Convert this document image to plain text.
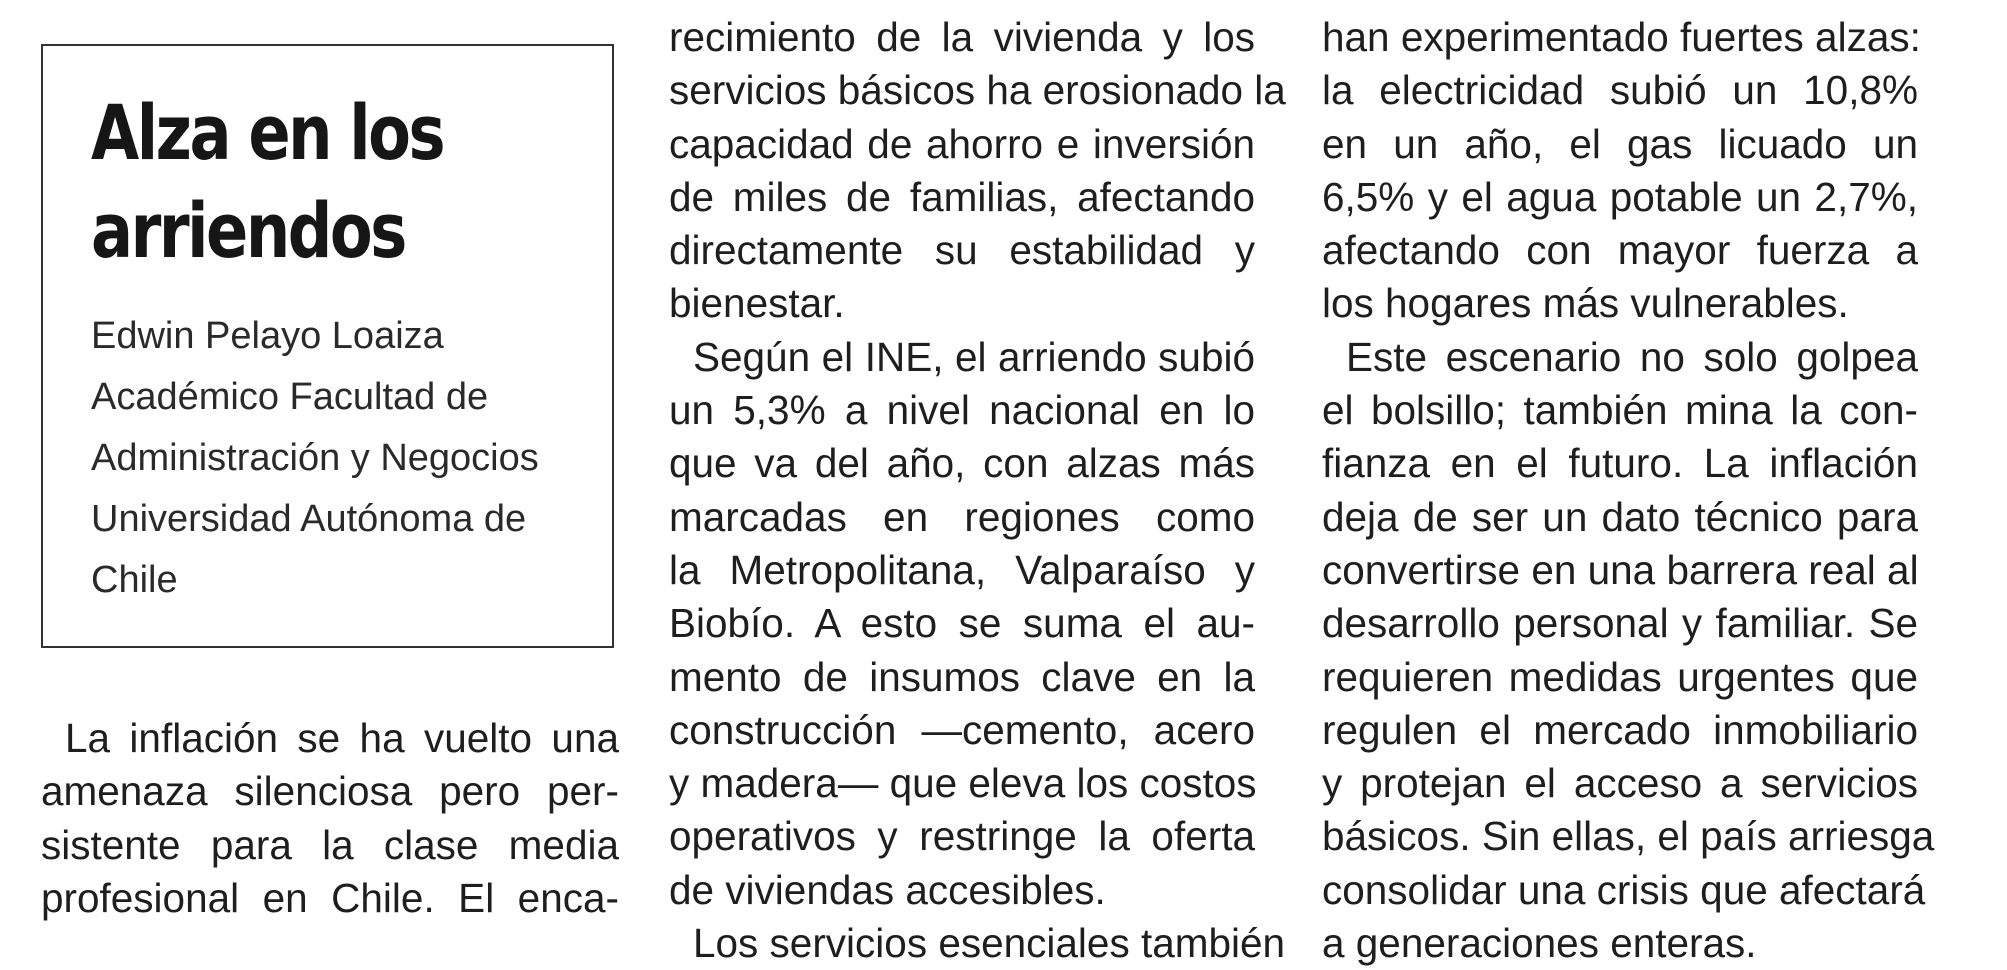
Alza en los
arriendos
Edwin Pelayo Loaiza
Académico Facultad de
Administración y Negocios
Universidad Autónoma de
Chile
La inflación se ha vuelto una
amenaza silenciosa pero per-
sistente para la clase media
profesional en Chile. El enca-
recimiento de la vivienda y los
servicios básicos ha erosionado la
capacidad de ahorro e inversión
de miles de familias, afectando
directamente su estabilidad y
bienestar.
Según el INE, el arriendo subió
un 5,3% a nivel nacional en lo
que va del año, con alzas más
marcadas en regiones como
la Metropolitana, Valparaíso y
Biobío. A esto se suma el au-
mento de insumos clave en la
construcción —cemento, acero
y madera— que eleva los costos
operativos y restringe la oferta
de viviendas accesibles.
Los servicios esenciales también
han experimentado fuertes alzas:
la electricidad subió un 10,8%
en un año, el gas licuado un
6,5% y el agua potable un 2,7%,
afectando con mayor fuerza a
los hogares más vulnerables.
Este escenario no solo golpea
el bolsillo; también mina la con-
fianza en el futuro. La inflación
deja de ser un dato técnico para
convertirse en una barrera real al
desarrollo personal y familiar. Se
requieren medidas urgentes que
regulen el mercado inmobiliario
y protejan el acceso a servicios
básicos. Sin ellas, el país arriesga
consolidar una crisis que afectará
a generaciones enteras.
